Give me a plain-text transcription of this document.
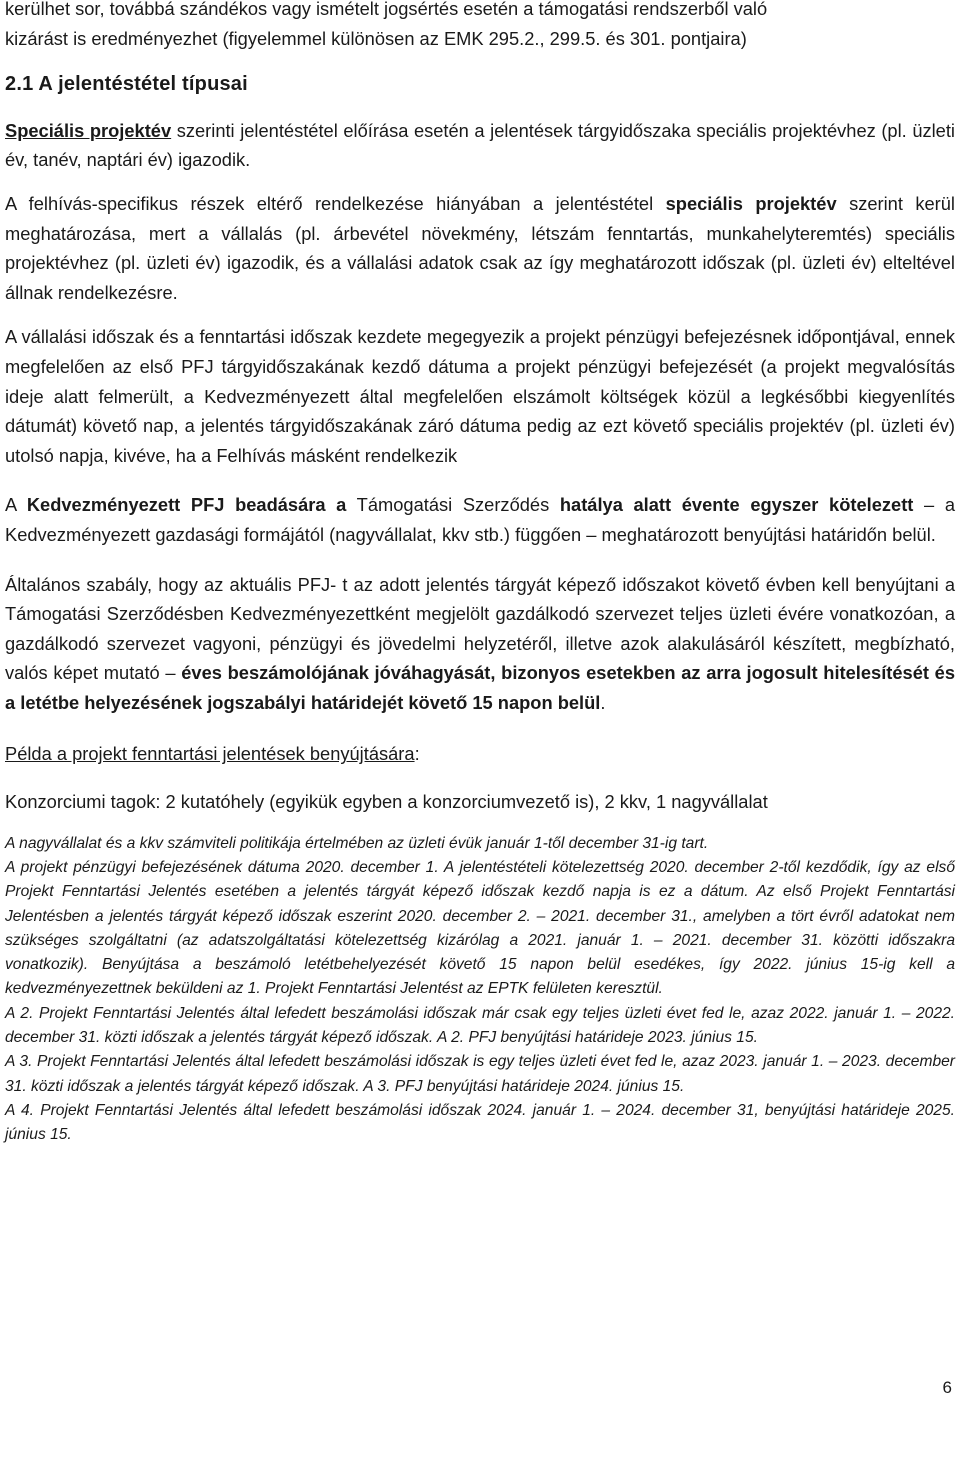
kerülhet sor, továbbá szándékos vagy ismételt jogsértés esetén a támogatási rendszerből való
kizárást is eredményezhet (figyelemmel különösen az EMK 295.2., 299.5. és 301. pontjaira)

2.1 A jelentéstétel típusai

Speciális projektév szerinti jelentéstétel előírása esetén a jelentések tárgyidőszaka speciális projektévhez (pl. üzleti év, tanév, naptári év) igazodik.

A felhívás-specifikus részek eltérő rendelkezése hiányában a jelentéstétel speciális projektév szerint kerül meghatározása, mert a vállalás (pl. árbevétel növekmény, létszám fenntartás, munkahelyteremtés) speciális projektévhez (pl. üzleti év) igazodik, és a vállalási adatok csak az így meghatározott időszak (pl. üzleti év) elteltével állnak rendelkezésre.

A vállalási időszak és a fenntartási időszak kezdete megegyezik a projekt pénzügyi befejezésnek időpontjával, ennek megfelelően az első PFJ tárgyidőszakának kezdő dátuma a projekt pénzügyi befejezését (a projekt megvalósítás ideje alatt felmerült, a Kedvezményezett által megfelelően elszámolt költségek közül a legkésőbbi kiegyenlítés dátumát) követő nap, a jelentés tárgyidőszakának záró dátuma pedig az ezt követő speciális projektév (pl. üzleti év) utolsó napja, kivéve, ha a Felhívás másként rendelkezik

A Kedvezményezett PFJ beadására a Támogatási Szerződés hatálya alatt évente egyszer kötelezett – a Kedvezményezett gazdasági formájától (nagyvállalat, kkv stb.) függően – meghatározott benyújtási határidőn belül.

Általános szabály, hogy az aktuális PFJ- t az adott jelentés tárgyát képező időszakot követő évben kell benyújtani a Támogatási Szerződésben Kedvezményezettként megjelölt gazdálkodó szervezet teljes üzleti évére vonatkozóan, a gazdálkodó szervezet vagyoni, pénzügyi és jövedelmi helyzetéről, illetve azok alakulásáról készített, megbízható, valós képet mutató – éves beszámolójának jóváhagyását, bizonyos esetekben az arra jogosult hitelesítését és a letétbe helyezésének jogszabályi határidejét követő 15 napon belül.

Példa a projekt fenntartási jelentések benyújtására:

Konzorciumi tagok: 2 kutatóhely (egyikük egyben a konzorciumvezető is), 2 kkv, 1 nagyvállalat

A nagyvállalat és a kkv számviteli politikája értelmében az üzleti évük január 1-től december 31-ig tart.

A projekt pénzügyi befejezésének dátuma 2020. december 1. A jelentéstételi kötelezettség 2020. december 2-től kezdődik, így az első Projekt Fenntartási Jelentés esetében a jelentés tárgyát képező időszak kezdő napja is ez a dátum. Az első Projekt Fenntartási Jelentésben a jelentés tárgyát képező időszak eszerint 2020. december 2. – 2021. december 31., amelyben a tört évről adatokat nem szükséges szolgáltatni (az adatszolgáltatási kötelezettség kizárólag a 2021. január 1. – 2021. december 31. közötti időszakra vonatkozik). Benyújtása a beszámoló letétbehelyezését követő 15 napon belül esedékes, így 2022. június 15-ig kell a kedvezményezettnek beküldeni az 1. Projekt Fenntartási Jelentést az EPTK felületen keresztül.

A 2. Projekt Fenntartási Jelentés által lefedett beszámolási időszak már csak egy teljes üzleti évet fed le, azaz 2022. január 1. – 2022. december 31. közti időszak a jelentés tárgyát képező időszak. A 2. PFJ benyújtási határideje 2023. június 15.

A 3. Projekt Fenntartási Jelentés által lefedett beszámolási időszak is egy teljes üzleti évet fed le, azaz 2023. január 1. – 2023. december 31. közti időszak a jelentés tárgyát képező időszak. A 3. PFJ benyújtási határideje 2024. június 15.

A 4. Projekt Fenntartási Jelentés által lefedett beszámolási időszak 2024. január 1. – 2024. december 31, benyújtási határideje 2025. június 15.

6
